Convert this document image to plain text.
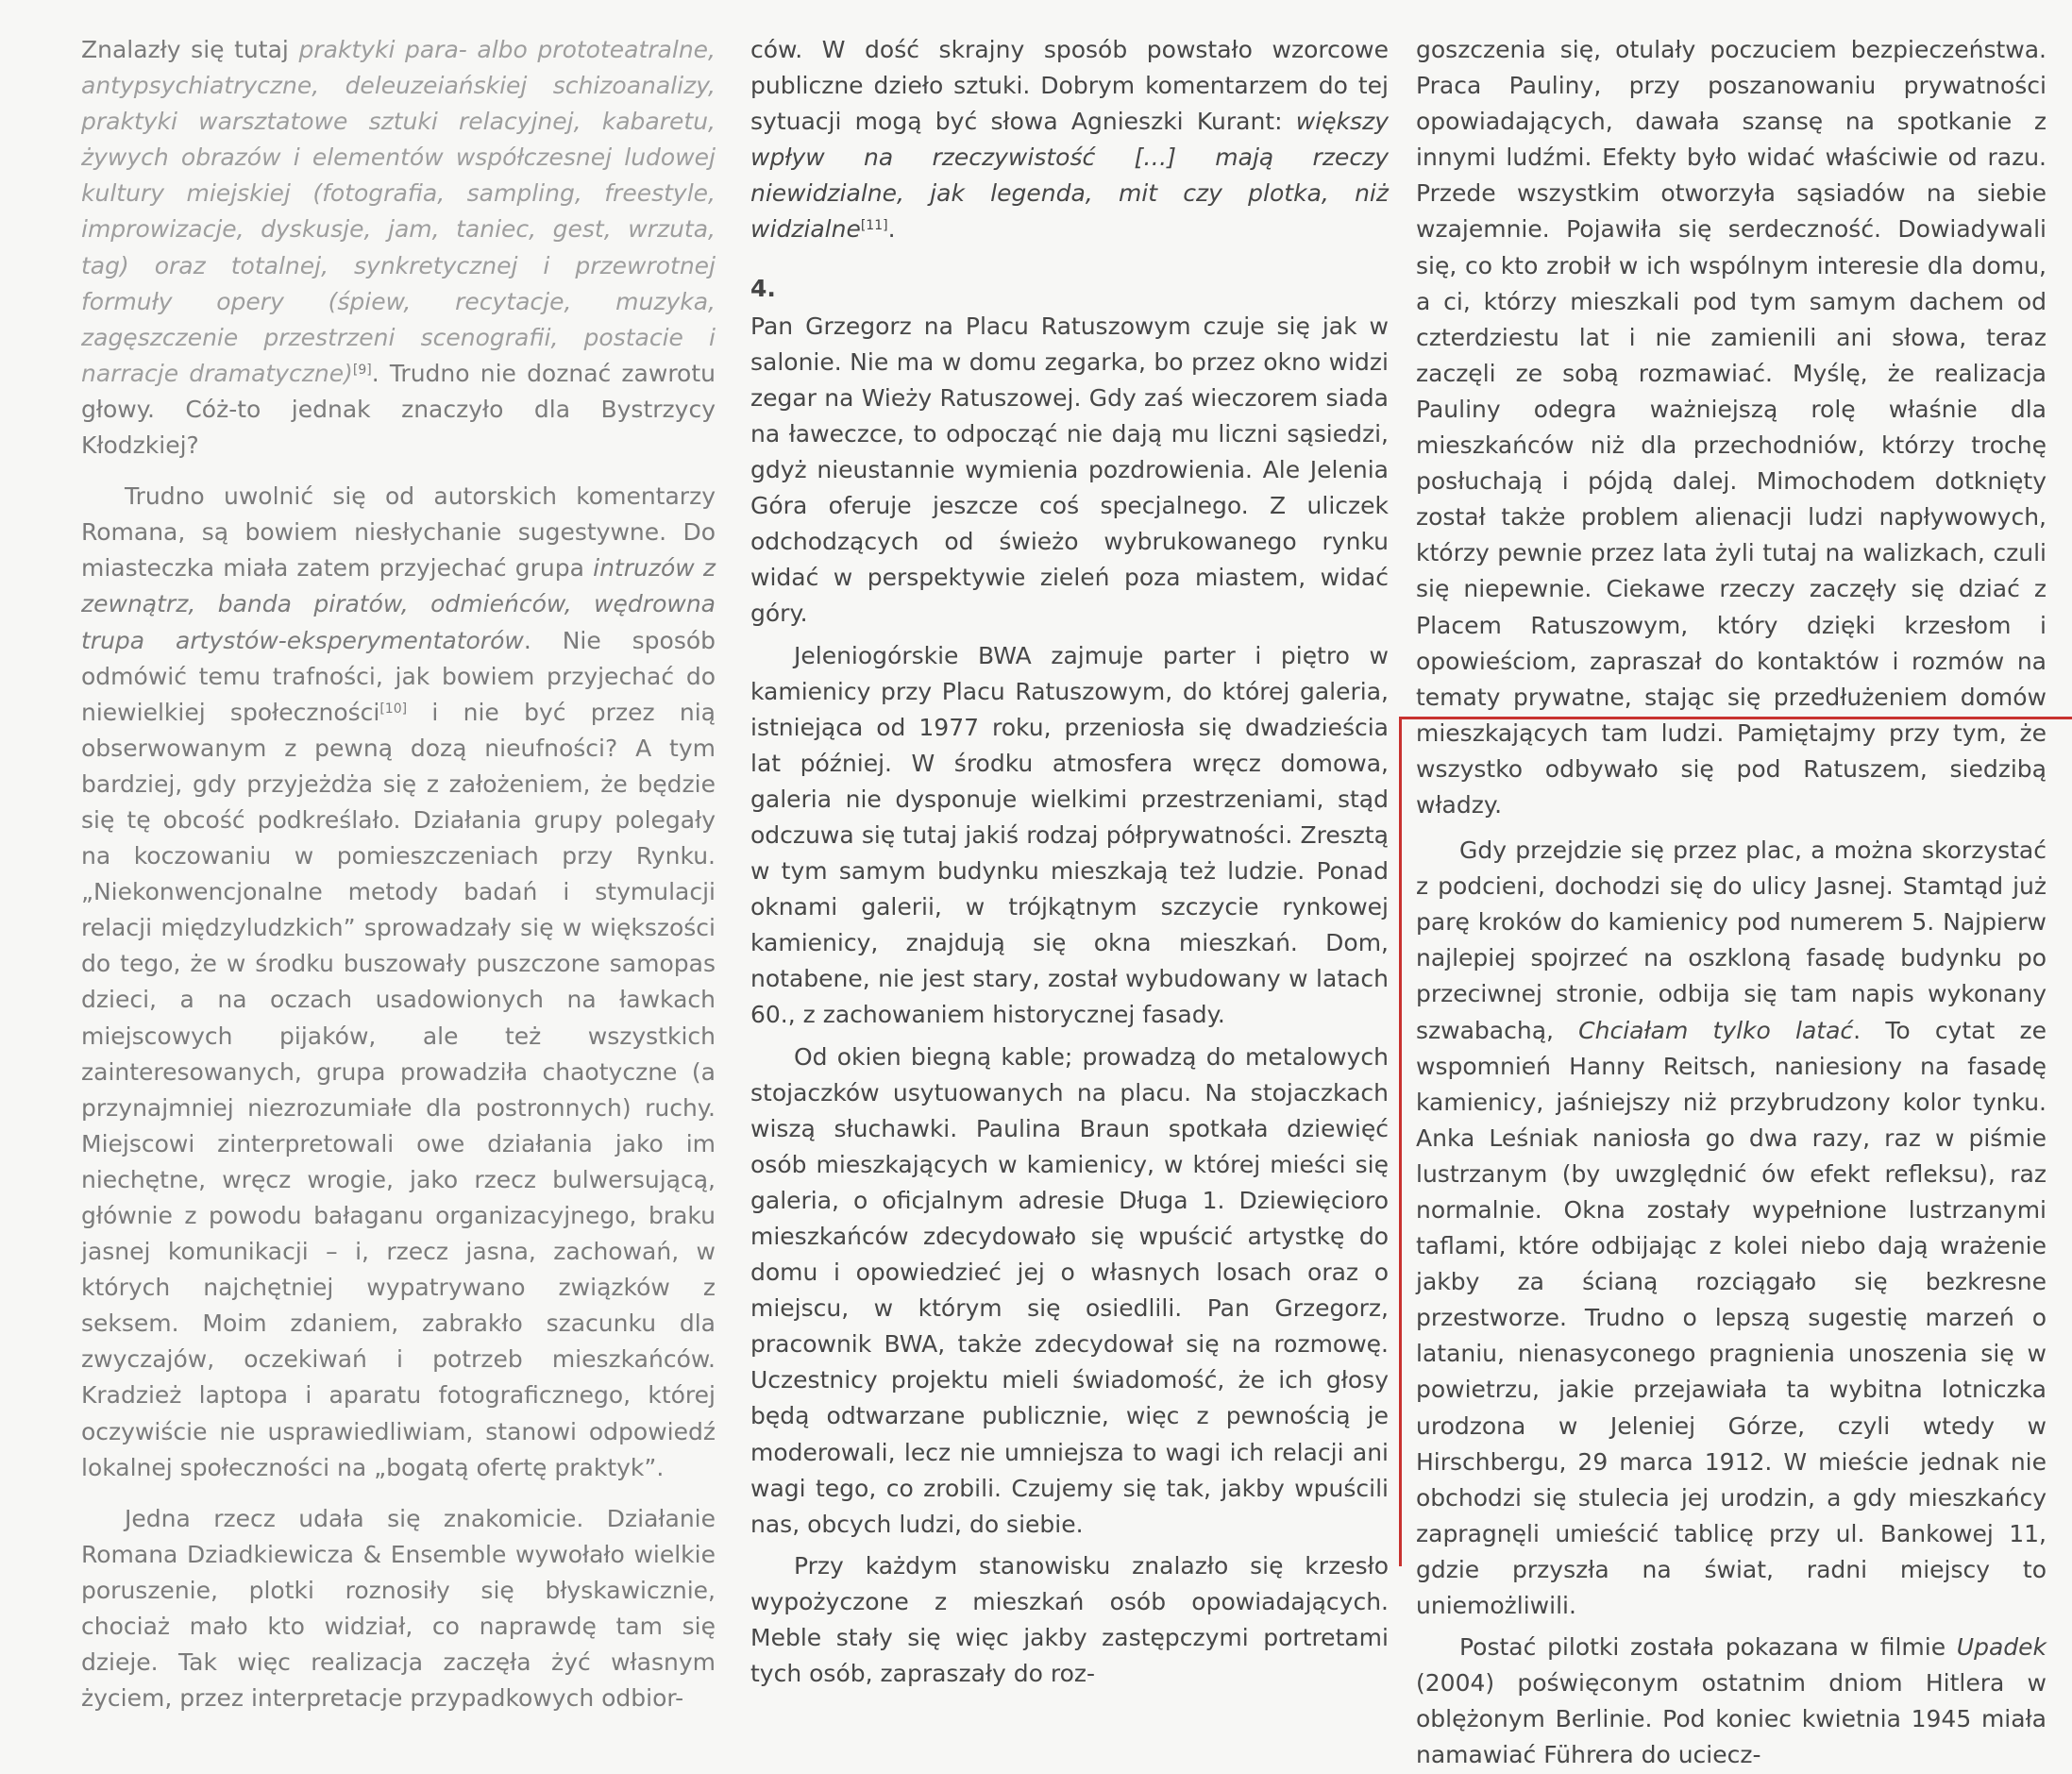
Znalazły się tutaj praktyki para- albo prototeatralne, antypsychiatryczne, deleuzeiańskiej schizoanalizy, praktyki warsztatowe sztuki relacyjnej, kabaretu, żywych obrazów i elementów współczesnej ludowej kultury miejskiej (fotografia, sampling, freestyle, improwizacje, dyskusje, jam, taniec, gest, wrzuta, tag) oraz totalnej, synkretycznej i przewrotnej formuły opery (śpiew, recytacje, muzyka, zagęszczenie przestrzeni scenografii, postacie i narracje dramatyczne)[9]. Trudno nie doznać zawrotu głowy. Cóż-to jednak znaczyło dla Bystrzycy Kłodzkiej?

Trudno uwolnić się od autorskich komentarzy Romana, są bowiem niesłychanie sugestywne. Do miasteczka miała zatem przyjechać grupa intruzów z zewnątrz, banda piratów, odmieńców, wędrowna trupa artystów-eksperymentatorów. Nie sposób odmówić temu trafności, jak bowiem przyjechać do niewielkiej społeczności[10] i nie być przez nią obserwowanym z pewną dozą nieufności? A tym bardziej, gdy przyjeżdża się z założeniem, że będzie się tę obcość podkreślało. Działania grupy polegały na koczowaniu w pomieszczeniach przy Rynku. „Niekonwencjonalne metody badań i stymulacji relacji międzyludzkich” sprowadzały się w większości do tego, że w środku buszowały puszczone samopas dzieci, a na oczach usadowionych na ławkach miejscowych pijaków, ale też wszystkich zainteresowanych, grupa prowadziła chaotyczne (a przynajmniej niezrozumiałe dla postronnych) ruchy. Miejscowi zinterpretowali owe działania jako im niechętne, wręcz wrogie, jako rzecz bulwersującą, głównie z powodu bałaganu organizacyjnego, braku jasnej komunikacji – i, rzecz jasna, zachowań, w których najchętniej wypatrywano związków z seksem. Moim zdaniem, zabrakło szacunku dla zwyczajów, oczekiwań i potrzeb mieszkańców. Kradzież laptopa i aparatu fotograficznego, której oczywiście nie usprawiedliwiam, stanowi odpowiedź lokalnej społeczności na „bogatą ofertę praktyk”.

Jedna rzecz udała się znakomicie. Działanie Romana Dziadkiewicza & Ensemble wywołało wielkie poruszenie, plotki roznosiły się błyskawicznie, chociaż mało kto widział, co naprawdę tam się dzieje. Tak więc realizacja zaczęła żyć własnym życiem, przez interpretacje przypadkowych odbior-

ców. W dość skrajny sposób powstało wzorcowe publiczne dzieło sztuki. Dobrym komentarzem do tej sytuacji mogą być słowa Agnieszki Kurant: większy wpływ na rzeczywistość […] mają rzeczy niewidzialne, jak legenda, mit czy plotka, niż widzialne[11].

4.

Pan Grzegorz na Placu Ratuszowym czuje się jak w salonie. Nie ma w domu zegarka, bo przez okno widzi zegar na Wieży Ratuszowej. Gdy zaś wieczorem siada na ławeczce, to odpocząć nie dają mu liczni sąsiedzi, gdyż nieustannie wymienia pozdrowienia. Ale Jelenia Góra oferuje jeszcze coś specjalnego. Z uliczek odchodzących od świeżo wybrukowanego rynku widać w perspektywie zieleń poza miastem, widać góry.

Jeleniogórskie BWA zajmuje parter i piętro w kamienicy przy Placu Ratuszowym, do której galeria, istniejąca od 1977 roku, przeniosła się dwadzieścia lat później. W środku atmosfera wręcz domowa, galeria nie dysponuje wielkimi przestrzeniami, stąd odczuwa się tutaj jakiś rodzaj półprywatności. Zresztą w tym samym budynku mieszkają też ludzie. Ponad oknami galerii, w trójkątnym szczycie rynkowej kamienicy, znajdują się okna mieszkań. Dom, notabene, nie jest stary, został wybudowany w latach 60., z zachowaniem historycznej fasady.

Od okien biegną kable; prowadzą do metalowych stojaczków usytuowanych na placu. Na stojaczkach wiszą słuchawki. Paulina Braun spotkała dziewięć osób mieszkających w kamienicy, w której mieści się galeria, o oficjalnym adresie Długa 1. Dziewięcioro mieszkańców zdecydowało się wpuścić artystkę do domu i opowiedzieć jej o własnych losach oraz o miejscu, w którym się osiedlili. Pan Grzegorz, pracownik BWA, także zdecydował się na rozmowę. Uczestnicy projektu mieli świadomość, że ich głosy będą odtwarzane publicznie, więc z pewnością je moderowali, lecz nie umniejsza to wagi ich relacji ani wagi tego, co zrobili. Czujemy się tak, jakby wpuścili nas, obcych ludzi, do siebie.

Przy każdym stanowisku znalazło się krzesło wypożyczone z mieszkań osób opowiadających. Meble stały się więc jakby zastępczymi portretami tych osób, zapraszały do roz-

goszczenia się, otulały poczuciem bezpieczeństwa. Praca Pauliny, przy poszanowaniu prywatności opowiadających, dawała szansę na spotkanie z innymi ludźmi. Efekty było widać właściwie od razu. Przede wszystkim otworzyła sąsiadów na siebie wzajemnie. Pojawiła się serdeczność. Dowiadywali się, co kto zrobił w ich wspólnym interesie dla domu, a ci, którzy mieszkali pod tym samym dachem od czterdziestu lat i nie zamienili ani słowa, teraz zaczęli ze sobą rozmawiać. Myślę, że realizacja Pauliny odegra ważniejszą rolę właśnie dla mieszkańców niż dla przechodniów, którzy trochę posłuchają i pójdą dalej. Mimochodem dotknięty został także problem alienacji ludzi napływowych, którzy pewnie przez lata żyli tutaj na walizkach, czuli się niepewnie. Ciekawe rzeczy zaczęły się dziać z Placem Ratuszowym, który dzięki krzesłom i opowieściom, zapraszał do kontaktów i rozmów na tematy prywatne, stając się przedłużeniem domów mieszkających tam ludzi. Pamiętajmy przy tym, że wszystko odbywało się pod Ratuszem, siedzibą władzy.

Gdy przejdzie się przez plac, a można skorzystać z podcieni, dochodzi się do ulicy Jasnej. Stamtąd już parę kroków do kamienicy pod numerem 5. Najpierw najlepiej spojrzeć na oszkloną fasadę budynku po przeciwnej stronie, odbija się tam napis wykonany szwabachą, Chciałam tylko latać. To cytat ze wspomnień Hanny Reitsch, naniesiony na fasadę kamienicy, jaśniejszy niż przybrudzony kolor tynku. Anka Leśniak naniosła go dwa razy, raz w piśmie lustrzanym (by uwzględnić ów efekt refleksu), raz normalnie. Okna zostały wypełnione lustrzanymi taflami, które odbijając z kolei niebo dają wrażenie jakby za ścianą rozciągało się bezkresne przestworze. Trudno o lepszą sugestię marzeń o lataniu, nienasyconego pragnienia unoszenia się w powietrzu, jakie przejawiała ta wybitna lotniczka urodzona w Jeleniej Górze, czyli wtedy w Hirschbergu, 29 marca 1912. W mieście jednak nie obchodzi się stulecia jej urodzin, a gdy mieszkańcy zapragnęli umieścić tablicę przy ul. Bankowej 11, gdzie przyszła na świat, radni miejscy to uniemożliwili.

Postać pilotki została pokazana w filmie Upadek (2004) poświęconym ostatnim dniom Hitlera w oblężonym Berlinie. Pod koniec kwietnia 1945 miała namawiać Führera do uciecz-
